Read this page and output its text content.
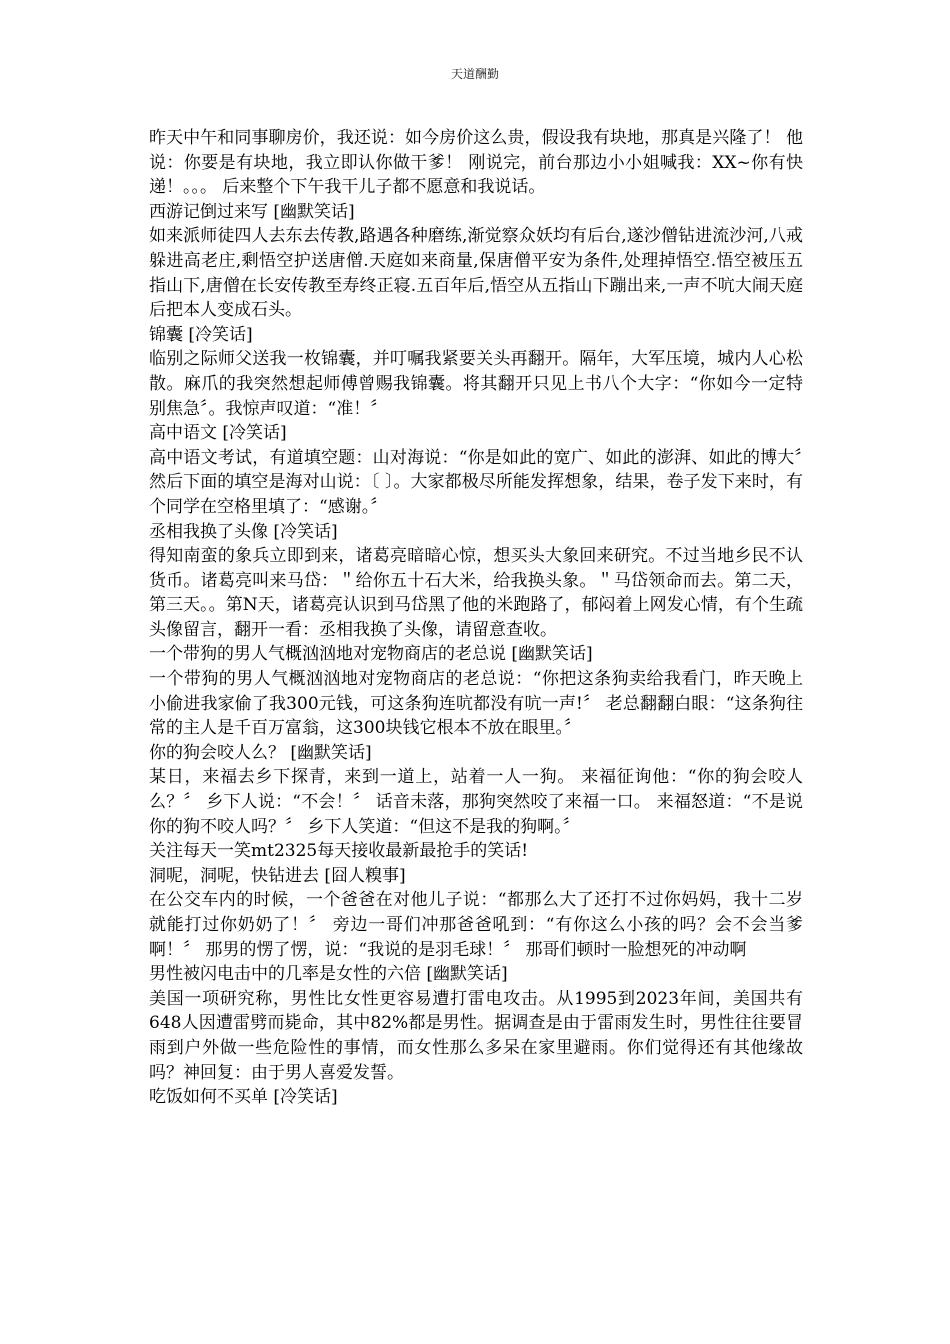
天道酬勤

昨天中午和同事聊房价，我还说：如今房价这么贵，假设我有块地，那真是兴隆了！ 他说：你要是有块地，我立即认你做干爹！ 刚说完，前台那边小小姐喊我：XX~你有快递！。。。 后来整个下午我干儿子都不愿意和我说话。

西游记倒过来写 [幽默笑话]

如来派师徒四人去东去传教,路遇各种磨练,渐觉察众妖均有后台,遂沙僧钻进流沙河,八戒躲进高老庄,剩悟空护送唐僧.天庭如来商量,保唐僧平安为条件,处理掉悟空.悟空被压五指山下,唐僧在长安传教至寿终正寝.五百年后,悟空从五指山下蹦出来,一声不吭大闹天庭后把本人变成石头。

锦囊 [冷笑话]

临别之际师父送我一枚锦囊，并叮嘱我紧要关头再翻开。隔年，大军压境，城内人心松散。麻爪的我突然想起师傅曾赐我锦囊。将其翻开只见上书八个大字：“你如今一定特别焦急〞。我惊声叹道：“准！〞

高中语文 [冷笑话]

高中语文考试，有道填空题：山对海说：“你是如此的宽广、如此的澎湃、如此的博大〞然后下面的填空是海对山说：〔 〕。大家都极尽所能发挥想象，结果，卷子发下来时，有个同学在空格里填了：“感谢。〞

丞相我换了头像 [冷笑话]

得知南蛮的象兵立即到来，诸葛亮暗暗心惊，想买头大象回来研究。不过当地乡民不认货币。诸葛亮叫来马岱：＂给你五十石大米，给我换头象。＂马岱领命而去。第二天，第三天。。第N天，诸葛亮认识到马岱黑了他的米跑路了，郁闷着上网发心情，有个生疏头像留言，翻开一看：丞相我换了头像，请留意查收。

一个带狗的男人气概汹汹地对宠物商店的老总说 [幽默笑话]

一个带狗的男人气概汹汹地对宠物商店的老总说：“你把这条狗卖给我看门，昨天晚上小偷进我家偷了我300元钱，可这条狗连吭都没有吭一声!〞 老总翻翻白眼：“这条狗往常的主人是千百万富翁，这300块钱它根本不放在眼里。〞

你的狗会咬人么？ [幽默笑话]

某日，来福去乡下探青，来到一道上，站着一人一狗。 来福征询他：“你的狗会咬人么？〞 乡下人说：“不会！〞 话音未落，那狗突然咬了来福一口。 来福怒道：“不是说你的狗不咬人吗？〞 乡下人笑道：“但这不是我的狗啊。〞

关注每天一笑mt2325每天接收最新最抢手的笑话!

洞呢，洞呢，快钻进去 [囧人糗事]

在公交车内的时候，一个爸爸在对他儿子说：“都那么大了还打不过你妈妈，我十二岁就能打过你奶奶了！〞 旁边一哥们冲那爸爸吼到：“有你这么小孩的吗？会不会当爹啊！〞 那男的愣了愣，说：“我说的是羽毛球！〞 那哥们顿时一脸想死的冲动啊

男性被闪电击中的几率是女性的六倍 [幽默笑话]

美国一项研究称，男性比女性更容易遭打雷电攻击。从1995到2023年间，美国共有648人因遭雷劈而毙命，其中82%都是男性。据调查是由于雷雨发生时，男性往往要冒雨到户外做一些危险性的事情，而女性那么多呆在家里避雨。你们觉得还有其他缘故吗？神回复：由于男人喜爱发誓。

吃饭如何不买单 [冷笑话]
